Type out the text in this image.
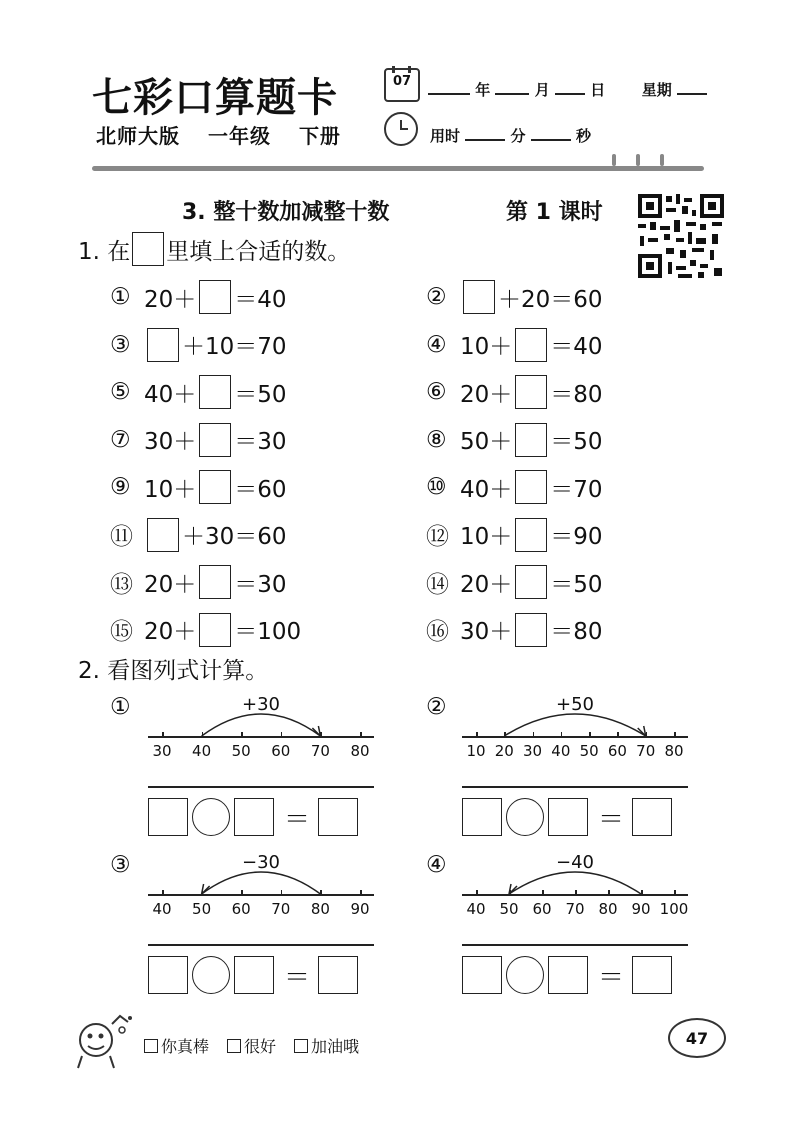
七彩口算题卡	07	年	月	日 星期
北师大版 一年级 下册	用时	分	秒
3. 整十数加减整十数	第 1 课时
1. 在 里填上合适的数。
① 20＋ ＝40	②	＋20＝60
③	＋10＝70	④ 10＋ ＝40
⑤ 40＋ ＝50	⑥ 20＋ ＝80
⑦ 30＋ ＝30	⑧ 50＋ ＝50
⑨ 10＋ ＝60	⑩ 40＋ ＝70
⑪ ＋30＝60	⑫ 10＋ ＝90
⑬ 20＋ ＝30	⑭ 20＋ ＝50
⑮ 20＋ ＝100	⑯ 30＋ ＝80
2. 看图列式计算。
①
30 40 50 60 70 80
+30
＝
②
10 20 30 40 50 60 70 80
+50
＝
③
40 50 60 70 80 90
−30
＝
④
40 50 60 70 80 90 100
−40
＝
你真棒 很好 加油哦	47
